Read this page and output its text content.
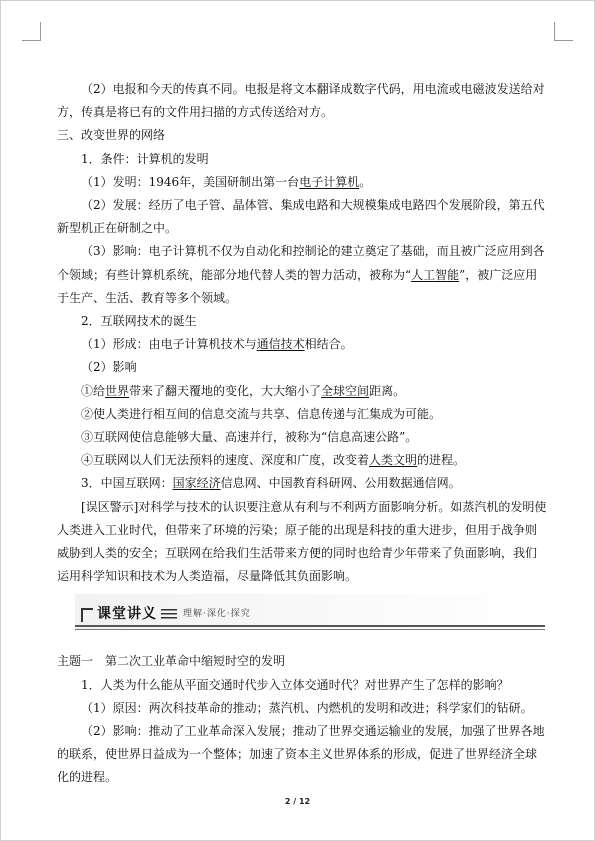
（2）电报和今天的传真不同。电报是将文本翻译成数字代码，用电流或电磁波发送给对方，传真是将已有的文件用扫描的方式传送给对方。

三、改变世界的网络

1．条件：计算机的发明

（1）发明：1946年，美国研制出第一台电子计算机。

（2）发展：经历了电子管、晶体管、集成电路和大规模集成电路四个发展阶段，第五代新型机正在研制之中。

（3）影响：电子计算机不仅为自动化和控制论的建立奠定了基础，而且被广泛应用到各个领域；有些计算机系统，能部分地代替人类的智力活动，被称为“人工智能”，被广泛应用于生产、生活、教育等多个领域。

2．互联网技术的诞生

（1）形成：由电子计算机技术与通信技术相结合。

（2）影响

①给世界带来了翻天覆地的变化，大大缩小了全球空间距离。

②使人类进行相互间的信息交流与共享、信息传递与汇集成为可能。

③互联网使信息能够大量、高速并行，被称为“信息高速公路”。

④互联网以人们无法预料的速度、深度和广度，改变着人类文明的进程。

3．中国互联网：国家经济信息网、中国教育科研网、公用数据通信网。

[误区警示]对科学与技术的认识要注意从有利与不利两方面影响分析。如蒸汽机的发明使人类进入工业时代，但带来了环境的污染；原子能的出现是科技的重大进步，但用于战争则威胁到人类的安全；互联网在给我们生活带来方便的同时也给青少年带来了负面影响，我们运用科学知识和技术为人类造福，尽量降低其负面影响。

课堂讲义	理解·深化·探究

主题一　第二次工业革命中缩短时空的发明

1．人类为什么能从平面交通时代步入立体交通时代？对世界产生了怎样的影响？

（1）原因：两次科技革命的推动；蒸汽机、内燃机的发明和改进；科学家们的钻研。

（2）影响：推动了工业革命深入发展；推动了世界交通运输业的发展，加强了世界各地的联系，使世界日益成为一个整体；加速了资本主义世界体系的形成，促进了世界经济全球化的进程。

2 / 12
